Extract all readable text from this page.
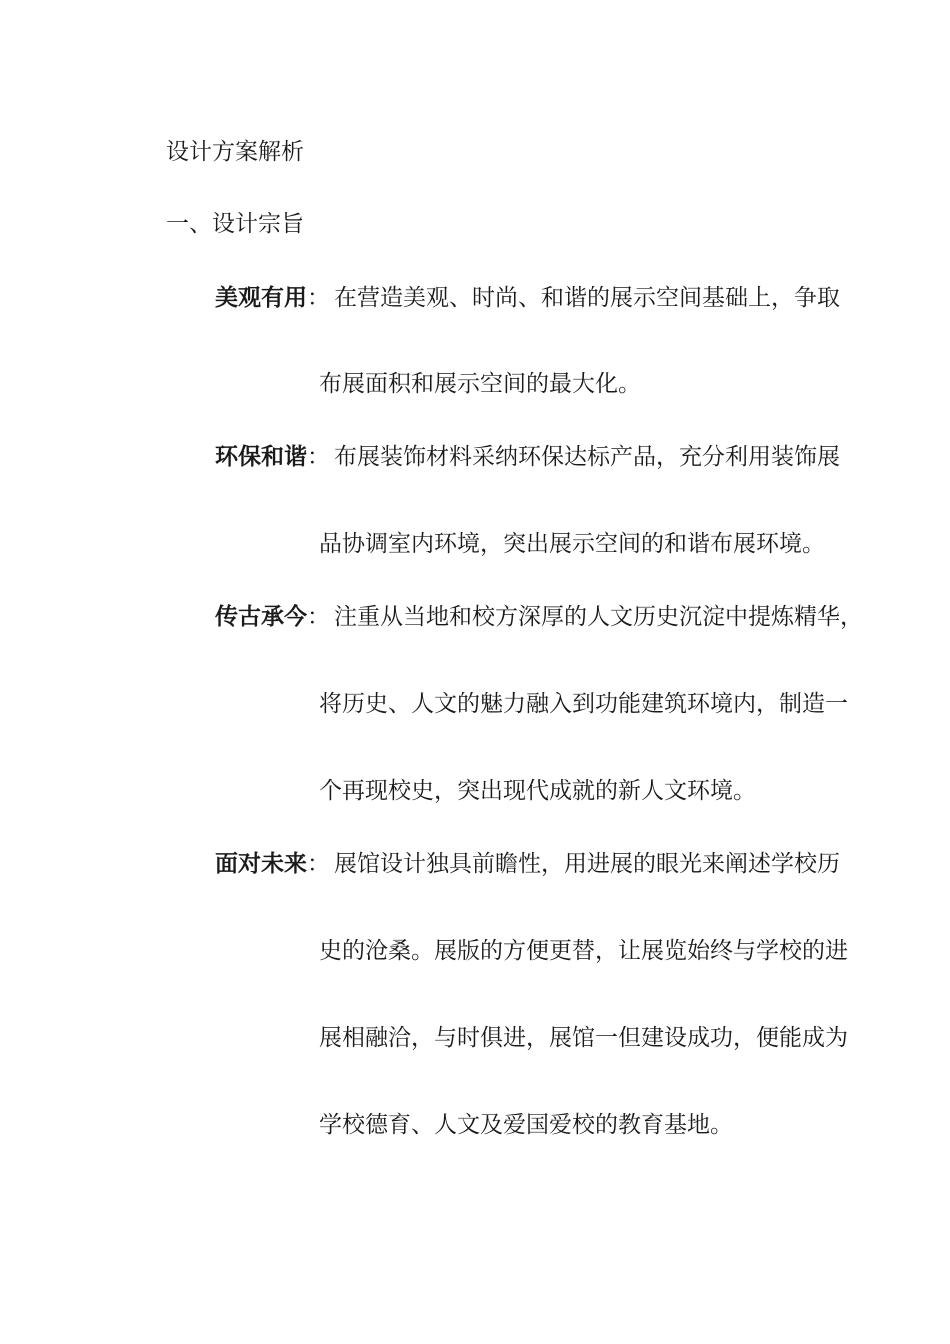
设计方案解析
一、设计宗旨
美观有用： 在营造美观、时尚、和谐的展示空间基础上，争取
布展面积和展示空间的最大化。
环保和谐： 布展装饰材料采纳环保达标产品，充分利用装饰展
品协调室内环境，突出展示空间的和谐布展环境。
传古承今： 注重从当地和校方深厚的人文历史沉淀中提炼精华，
将历史、人文的魅力融入到功能建筑环境内，制造一
个再现校史，突出现代成就的新人文环境。
面对未来： 展馆设计独具前瞻性，用进展的眼光来阐述学校历
史的沧桑。展版的方便更替，让展览始终与学校的进
展相融洽，与时俱进，展馆一但建设成功，便能成为
学校德育、人文及爱国爱校的教育基地。
